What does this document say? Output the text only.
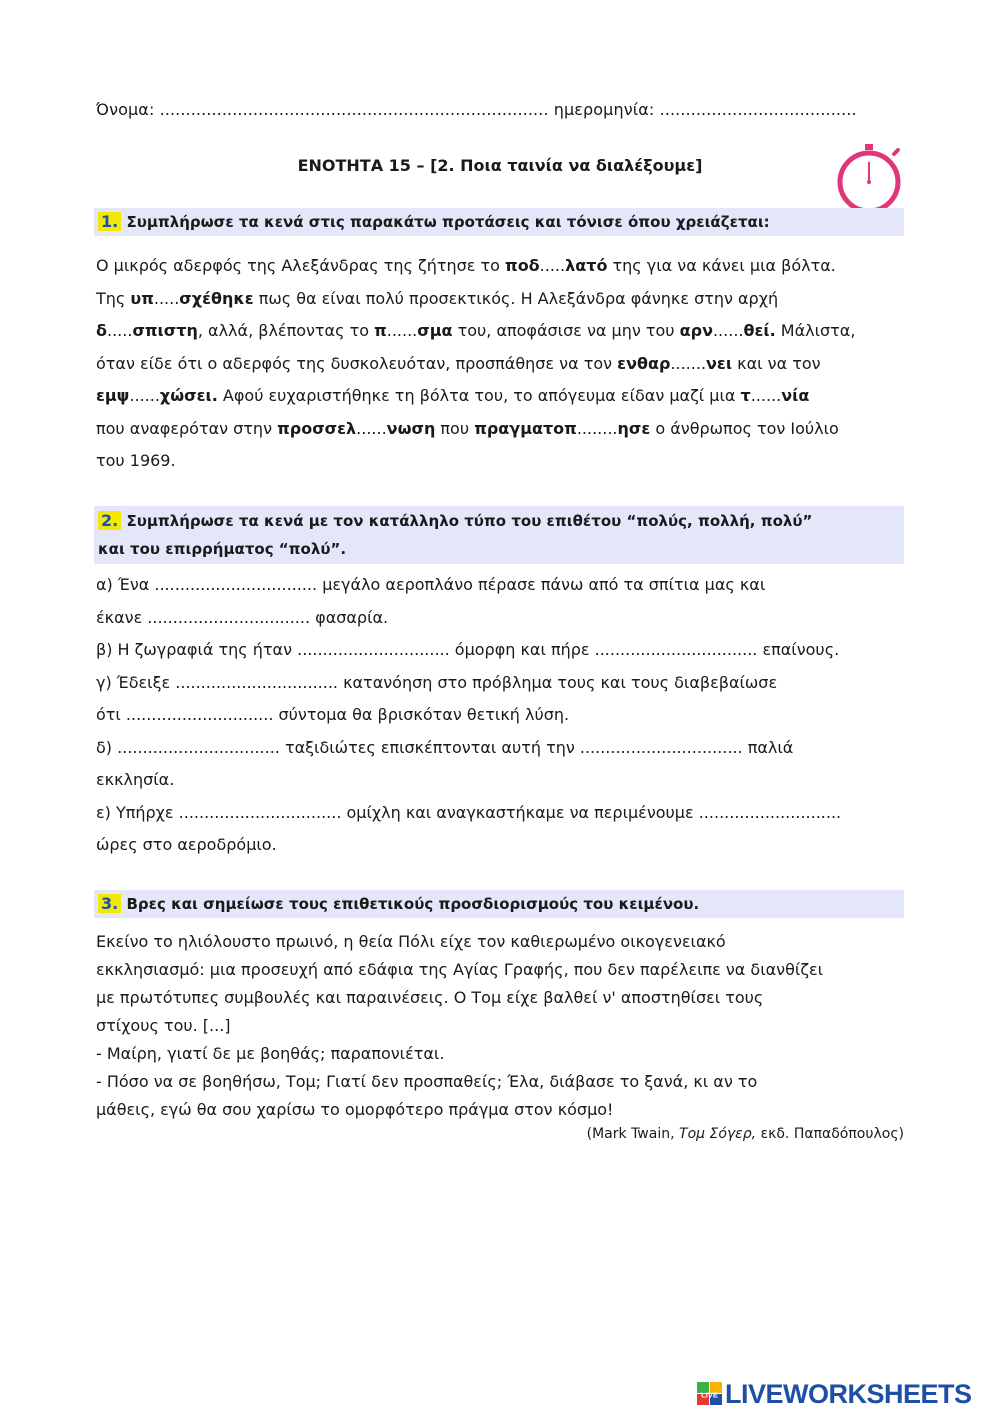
Όνομα: ........................................................................... ημερομηνία: ......................................
ΕΝΟΤΗΤΑ 15 – [2. Ποια ταινία να διαλέξουμε]
1. Συμπλήρωσε τα κενά στις παρακάτω προτάσεις και τόνισε όπου χρειάζεται:
Ο μικρός αδερφός της Αλεξάνδρας της ζήτησε το ποδ.....λατό της για να κάνει μια βόλτα.
Της υπ.....σχέθηκε πως θα είναι πολύ προσεκτικός. Η Αλεξάνδρα φάνηκε στην αρχή
δ.....σπιστη, αλλά, βλέποντας το π......σμα του, αποφάσισε να μην του αρν......θεί. Μάλιστα,
όταν είδε ότι ο αδερφός της δυσκολευόταν, προσπάθησε να τον ενθαρ.......νει και να τον
εμψ......χώσει. Αφού ευχαριστήθηκε τη βόλτα του, το απόγευμα είδαν μαζί μια τ......νία
που αναφερόταν στην προσσελ......νωση που πραγματοπ........ησε ο άνθρωπος τον Ιούλιο
του 1969.
2. Συμπλήρωσε τα κενά με τον κατάλληλο τύπο του επιθέτου “πολύς, πολλή, πολύ”
και του επιρρήματος “πολύ”.
α) Ένα ................................ μεγάλο αεροπλάνο πέρασε πάνω από τα σπίτια μας και
έκανε ................................ φασαρία.
β) Η ζωγραφιά της ήταν .............................. όμορφη και πήρε ................................ επαίνους.
γ) Έδειξε ................................ κατανόηση στο πρόβλημα τους και τους διαβεβαίωσε
ότι ............................. σύντομα θα βρισκόταν θετική λύση.
δ) ................................ ταξιδιώτες επισκέπτονται αυτή την ................................ παλιά
εκκλησία.
ε) Υπήρχε ................................ ομίχλη και αναγκαστήκαμε να περιμένουμε ............................
ώρες στο αεροδρόμιο.
3. Βρες και σημείωσε τους επιθετικούς προσδιορισμούς του κειμένου.
Εκείνο το ηλιόλουστο πρωινό, η θεία Πόλι είχε τον καθιερωμένο οικογενειακό
εκκλησιασμό: μια προσευχή από εδάφια της Αγίας Γραφής, που δεν παρέλειπε να διανθίζει
με πρωτότυπες συμβουλές και παραινέσεις. Ο Τομ είχε βαλθεί ν' αποστηθίσει τους
στίχους του. [...]
- Μαίρη, γιατί δε με βοηθάς; παραπονιέται.
- Πόσο να σε βοηθήσω, Τομ; Γιατί δεν προσπαθείς; Έλα, διάβασε το ξανά, κι αν το
μάθεις, εγώ θα σου χαρίσω το ομορφότερο πράγμα στον κόσμο!
(Mark Twain, Τομ Σόγερ, εκδ. Παπαδόπουλος)
LIVE LIVEWORKSHEETS
